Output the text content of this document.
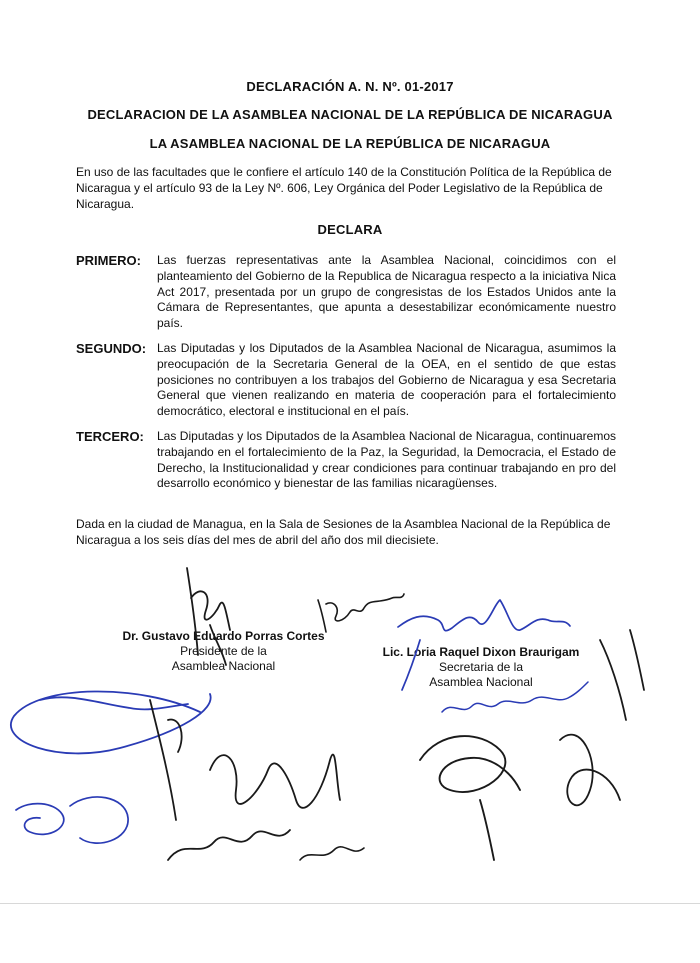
DECLARACIÓN A. N. Nº. 01-2017

DECLARACION DE LA ASAMBLEA NACIONAL DE LA REPÚBLICA DE NICARAGUA

LA ASAMBLEA NACIONAL DE LA REPÚBLICA DE NICARAGUA

En uso de las facultades que le confiere el artículo 140 de la Constitución Política de la República de Nicaragua y el artículo 93 de la Ley Nº. 606, Ley Orgánica del Poder Legislativo de la República de Nicaragua.

DECLARA

PRIMERO: Las fuerzas representativas ante la Asamblea Nacional, coincidimos con el planteamiento del Gobierno de la Republica de Nicaragua respecto a la iniciativa Nica Act 2017, presentada por un grupo de congresistas de los Estados Unidos ante la Cámara de Representantes, que apunta a desestabilizar económicamente nuestro país.

SEGUNDO: Las Diputadas y los Diputados de la Asamblea Nacional de Nicaragua, asumimos la preocupación de la Secretaria General de la OEA, en el sentido de que estas posiciones no contribuyen a los trabajos del Gobierno de Nicaragua y esa Secretaria General que vienen realizando en materia de cooperación para el fortalecimiento democrático, electoral e institucional en el país.

TERCERO: Las Diputadas y los Diputados de la Asamblea Nacional de Nicaragua, continuaremos trabajando en el fortalecimiento de la Paz, la Seguridad, la Democracia, el Estado de Derecho, la Institucionalidad y crear condiciones para continuar trabajando en pro del desarrollo económico y bienestar de las familias nicaragüenses.

Dada en la ciudad de Managua, en la Sala de Sesiones de la Asamblea Nacional de la República de Nicaragua a los seis días del mes de abril del año dos mil diecisiete.

Dr. Gustavo Eduardo Porras Cortes
Presidente de la
Asamblea Nacional
Lic. Loria Raquel Dixon Braurigam
Secretaria de la
Asamblea Nacional
